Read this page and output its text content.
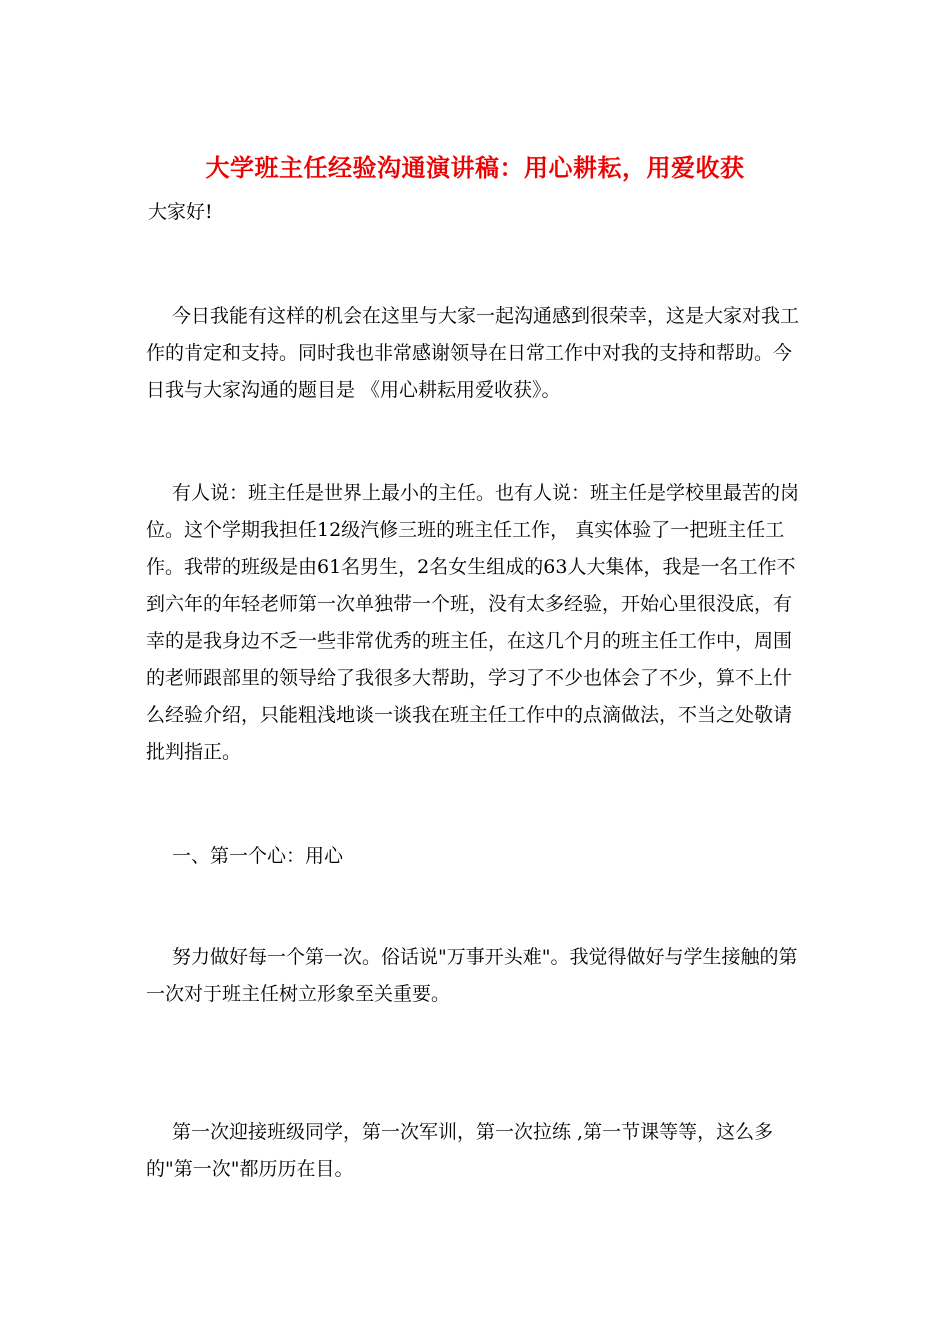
大学班主任经验沟通演讲稿：用心耕耘，用爱收获
大家好!
今日我能有这样的机会在这里与大家一起沟通感到很荣幸，这是大家对我工
作的肯定和支持。同时我也非常感谢领导在日常工作中对我的支持和帮助。今
日我与大家沟通的题目是 《用心耕耘用爱收获》。
有人说：班主任是世界上最小的主任。也有人说：班主任是学校里最苦的岗
位。这个学期我担任12级汽修三班的班主任工作， 真实体验了一把班主任工
作。我带的班级是由61名男生，2名女生组成的63人大集体，我是一名工作不
到六年的年轻老师第一次单独带一个班，没有太多经验，开始心里很没底，有
幸的是我身边不乏一些非常优秀的班主任，在这几个月的班主任工作中，周围
的老师跟部里的领导给了我很多大帮助，学习了不少也体会了不少，算不上什
么经验介绍，只能粗浅地谈一谈我在班主任工作中的点滴做法，不当之处敬请
批判指正。
一、第一个心：用心
努力做好每一个第一次。俗话说"万事开头难"。我觉得做好与学生接触的第
一次对于班主任树立形象至关重要。
第一次迎接班级同学，第一次军训，第一次拉练 ,第一节课等等，这么多
的"第一次"都历历在目。
